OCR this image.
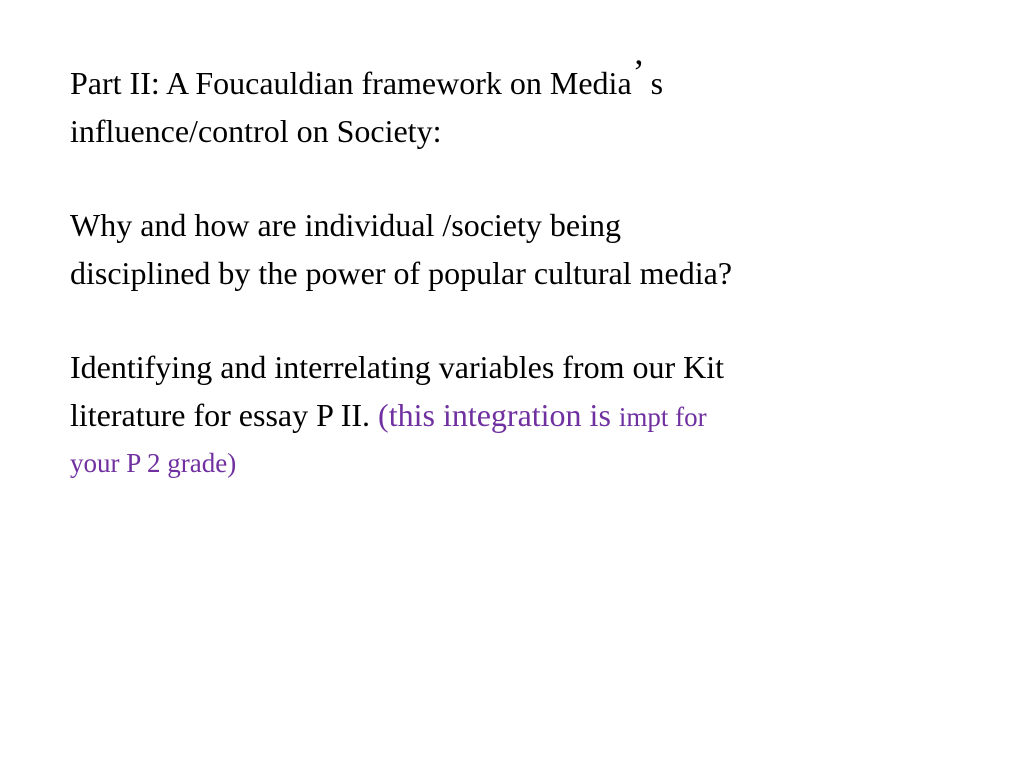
Part II: A Foucauldian framework on Media’ s
influence/control on Society:

Why and how are individual /society being
disciplined by the power of popular cultural media?

Identifying and interrelating variables from our Kit
literature for essay P II. (this integration is impt for
your P 2 grade)
